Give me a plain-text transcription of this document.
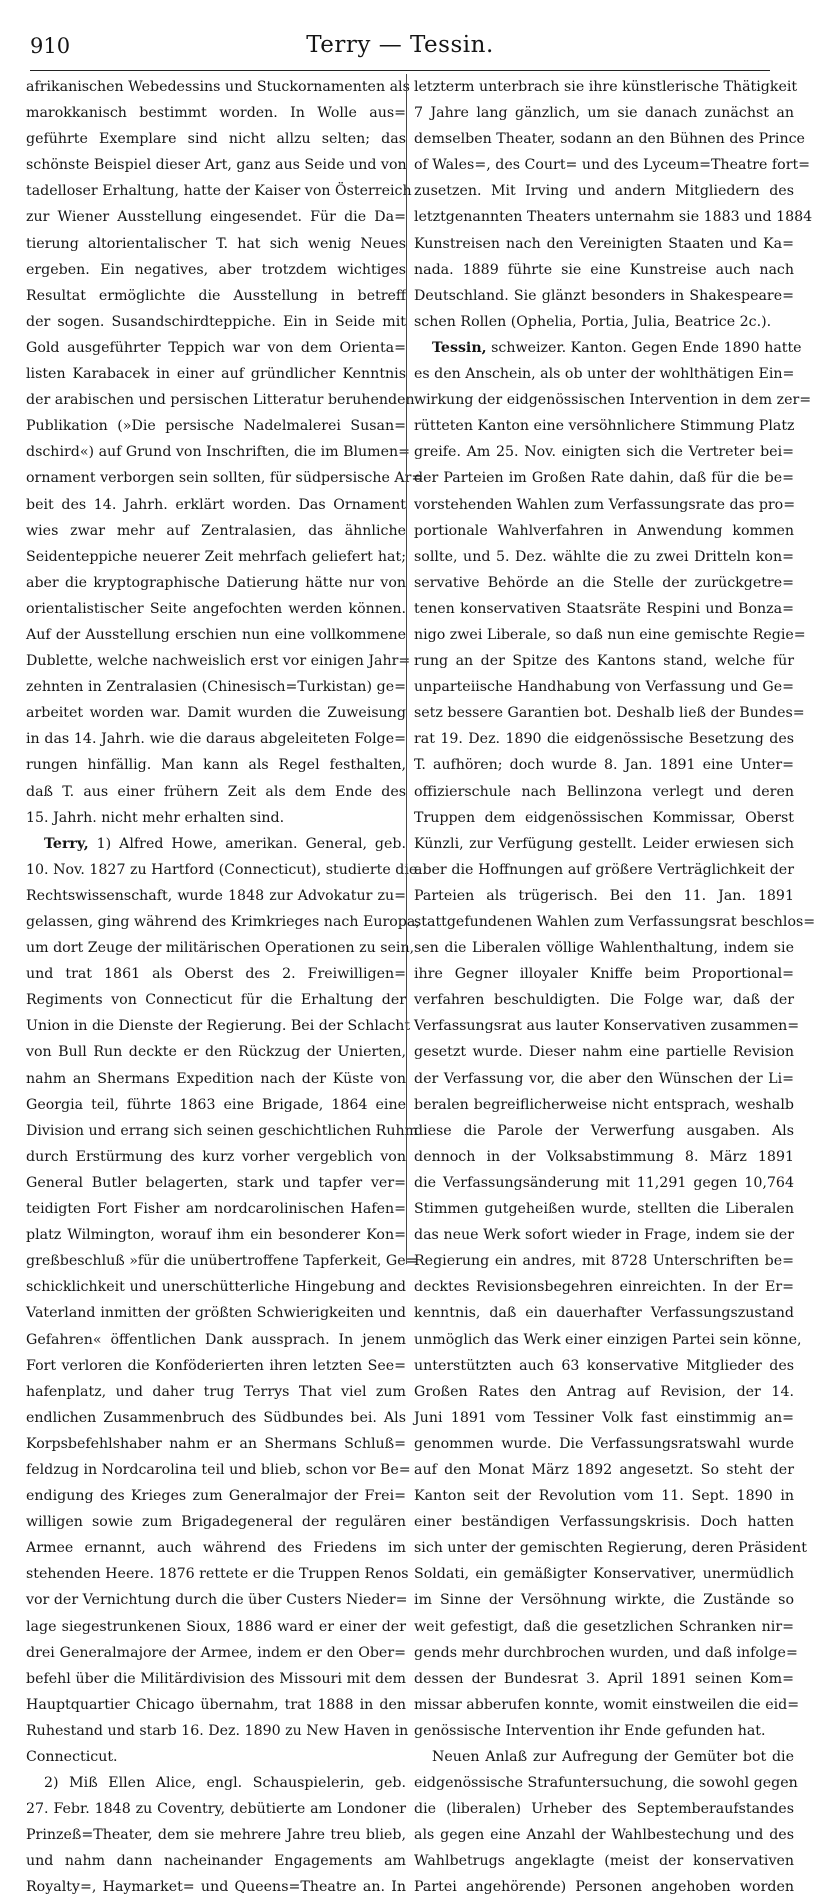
910	Terry — Tessin.
afrikanischen Webedessins und Stuckornamenten als
marokkanisch bestimmt worden. In Wolle aus=
geführte Exemplare sind nicht allzu selten; das
schönste Beispiel dieser Art, ganz aus Seide und von
tadelloser Erhaltung, hatte der Kaiser von Österreich
zur Wiener Ausstellung eingesendet. Für die Da=
tierung altorientalischer T. hat sich wenig Neues
ergeben. Ein negatives, aber trotzdem wichtiges
Resultat ermöglichte die Ausstellung in betreff
der sogen. Susandschirdteppiche. Ein in Seide mit
Gold ausgeführter Teppich war von dem Orienta=
listen Karabacek in einer auf gründlicher Kenntnis
der arabischen und persischen Litteratur beruhenden
Publikation (»Die persische Nadelmalerei Susan=
dschird«) auf Grund von Inschriften, die im Blumen=
ornament verborgen sein sollten, für südpersische Ar=
beit des 14. Jahrh. erklärt worden. Das Ornament
wies zwar mehr auf Zentralasien, das ähnliche
Seidenteppiche neuerer Zeit mehrfach geliefert hat;
aber die kryptographische Datierung hätte nur von
orientalistischer Seite angefochten werden können.
Auf der Ausstellung erschien nun eine vollkommene
Dublette, welche nachweislich erst vor einigen Jahr=
zehnten in Zentralasien (Chinesisch=Turkistan) ge=
arbeitet worden war. Damit wurden die Zuweisung
in das 14. Jahrh. wie die daraus abgeleiteten Folge=
rungen hinfällig. Man kann als Regel festhalten,
daß T. aus einer frühern Zeit als dem Ende des
15. Jahrh. nicht mehr erhalten sind.
Terry, 1) Alfred Howe, amerikan. General, geb.
10. Nov. 1827 zu Hartford (Connecticut), studierte die
Rechtswissenschaft, wurde 1848 zur Advokatur zu=
gelassen, ging während des Krimkrieges nach Europa,
um dort Zeuge der militärischen Operationen zu sein,
und trat 1861 als Oberst des 2. Freiwilligen=
Regiments von Connecticut für die Erhaltung der
Union in die Dienste der Regierung. Bei der Schlacht
von Bull Run deckte er den Rückzug der Unierten,
nahm an Shermans Expedition nach der Küste von
Georgia teil, führte 1863 eine Brigade, 1864 eine
Division und errang sich seinen geschichtlichen Ruhm
durch Erstürmung des kurz vorher vergeblich von
General Butler belagerten, stark und tapfer ver=
teidigten Fort Fisher am nordcarolinischen Hafen=
platz Wilmington, worauf ihm ein besonderer Kon=
greßbeschluß »für die unübertroffene Tapferkeit, Ge=
schicklichkeit und unerschütterliche Hingebung and
Vaterland inmitten der größten Schwierigkeiten und
Gefahren« öffentlichen Dank aussprach. In jenem
Fort verloren die Konföderierten ihren letzten See=
hafenplatz, und daher trug Terrys That viel zum
endlichen Zusammenbruch des Südbundes bei. Als
Korpsbefehlshaber nahm er an Shermans Schluß=
feldzug in Nordcarolina teil und blieb, schon vor Be=
endigung des Krieges zum Generalmajor der Frei=
willigen sowie zum Brigadegeneral der regulären
Armee ernannt, auch während des Friedens im
stehenden Heere. 1876 rettete er die Truppen Renos
vor der Vernichtung durch die über Custers Nieder=
lage siegestrunkenen Sioux, 1886 ward er einer der
drei Generalmajore der Armee, indem er den Ober=
befehl über die Militärdivision des Missouri mit dem
Hauptquartier Chicago übernahm, trat 1888 in den
Ruhestand und starb 16. Dez. 1890 zu New Haven in
Connecticut.
2) Miß Ellen Alice, engl. Schauspielerin, geb.
27. Febr. 1848 zu Coventry, debütierte am Londoner
Prinzeß=Theater, dem sie mehrere Jahre treu blieb,
und nahm dann nacheinander Engagements am
Royalty=, Haymarket= und Queens=Theatre an. In
letzterm unterbrach sie ihre künstlerische Thätigkeit
7 Jahre lang gänzlich, um sie danach zunächst an
demselben Theater, sodann an den Bühnen des Prince
of Wales=, des Court= und des Lyceum=Theatre fort=
zusetzen. Mit Irving und andern Mitgliedern des
letztgenannten Theaters unternahm sie 1883 und 1884
Kunstreisen nach den Vereinigten Staaten und Ka=
nada. 1889 führte sie eine Kunstreise auch nach
Deutschland. Sie glänzt besonders in Shakespeare=
schen Rollen (Ophelia, Portia, Julia, Beatrice 2c.).
Tessin, schweizer. Kanton. Gegen Ende 1890 hatte
es den Anschein, als ob unter der wohlthätigen Ein=
wirkung der eidgenössischen Intervention in dem zer=
rütteten Kanton eine versöhnlichere Stimmung Platz
greife. Am 25. Nov. einigten sich die Vertreter bei=
der Parteien im Großen Rate dahin, daß für die be=
vorstehenden Wahlen zum Verfassungsrate das pro=
portionale Wahlverfahren in Anwendung kommen
sollte, und 5. Dez. wählte die zu zwei Dritteln kon=
servative Behörde an die Stelle der zurückgetre=
tenen konservativen Staatsräte Respini und Bonza=
nigo zwei Liberale, so daß nun eine gemischte Regie=
rung an der Spitze des Kantons stand, welche für
unparteiische Handhabung von Verfassung und Ge=
setz bessere Garantien bot. Deshalb ließ der Bundes=
rat 19. Dez. 1890 die eidgenössische Besetzung des
T. aufhören; doch wurde 8. Jan. 1891 eine Unter=
offizierschule nach Bellinzona verlegt und deren
Truppen dem eidgenössischen Kommissar, Oberst
Künzli, zur Verfügung gestellt. Leider erwiesen sich
aber die Hoffnungen auf größere Verträglichkeit der
Parteien als trügerisch. Bei den 11. Jan. 1891
stattgefundenen Wahlen zum Verfassungsrat beschlos=
sen die Liberalen völlige Wahlenthaltung, indem sie
ihre Gegner illoyaler Kniffe beim Proportional=
verfahren beschuldigten. Die Folge war, daß der
Verfassungsrat aus lauter Konservativen zusammen=
gesetzt wurde. Dieser nahm eine partielle Revision
der Verfassung vor, die aber den Wünschen der Li=
beralen begreiflicherweise nicht entsprach, weshalb
diese die Parole der Verwerfung ausgaben. Als
dennoch in der Volksabstimmung 8. März 1891
die Verfassungsänderung mit 11,291 gegen 10,764
Stimmen gutgeheißen wurde, stellten die Liberalen
das neue Werk sofort wieder in Frage, indem sie der
Regierung ein andres, mit 8728 Unterschriften be=
decktes Revisionsbegehren einreichten. In der Er=
kenntnis, daß ein dauerhafter Verfassungszustand
unmöglich das Werk einer einzigen Partei sein könne,
unterstützten auch 63 konservative Mitglieder des
Großen Rates den Antrag auf Revision, der 14.
Juni 1891 vom Tessiner Volk fast einstimmig an=
genommen wurde. Die Verfassungsratswahl wurde
auf den Monat März 1892 angesetzt. So steht der
Kanton seit der Revolution vom 11. Sept. 1890 in
einer beständigen Verfassungskrisis. Doch hatten
sich unter der gemischten Regierung, deren Präsident
Soldati, ein gemäßigter Konservativer, unermüdlich
im Sinne der Versöhnung wirkte, die Zustände so
weit gefestigt, daß die gesetzlichen Schranken nir=
gends mehr durchbrochen wurden, und daß infolge=
dessen der Bundesrat 3. April 1891 seinen Kom=
missar abberufen konnte, womit einstweilen die eid=
genössische Intervention ihr Ende gefunden hat.
Neuen Anlaß zur Aufregung der Gemüter bot die
eidgenössische Strafuntersuchung, die sowohl gegen
die (liberalen) Urheber des Septemberaufstandes
als gegen eine Anzahl der Wahlbestechung und des
Wahlbetrugs angeklagte (meist der konservativen
Partei angehörende) Personen angehoben worden
